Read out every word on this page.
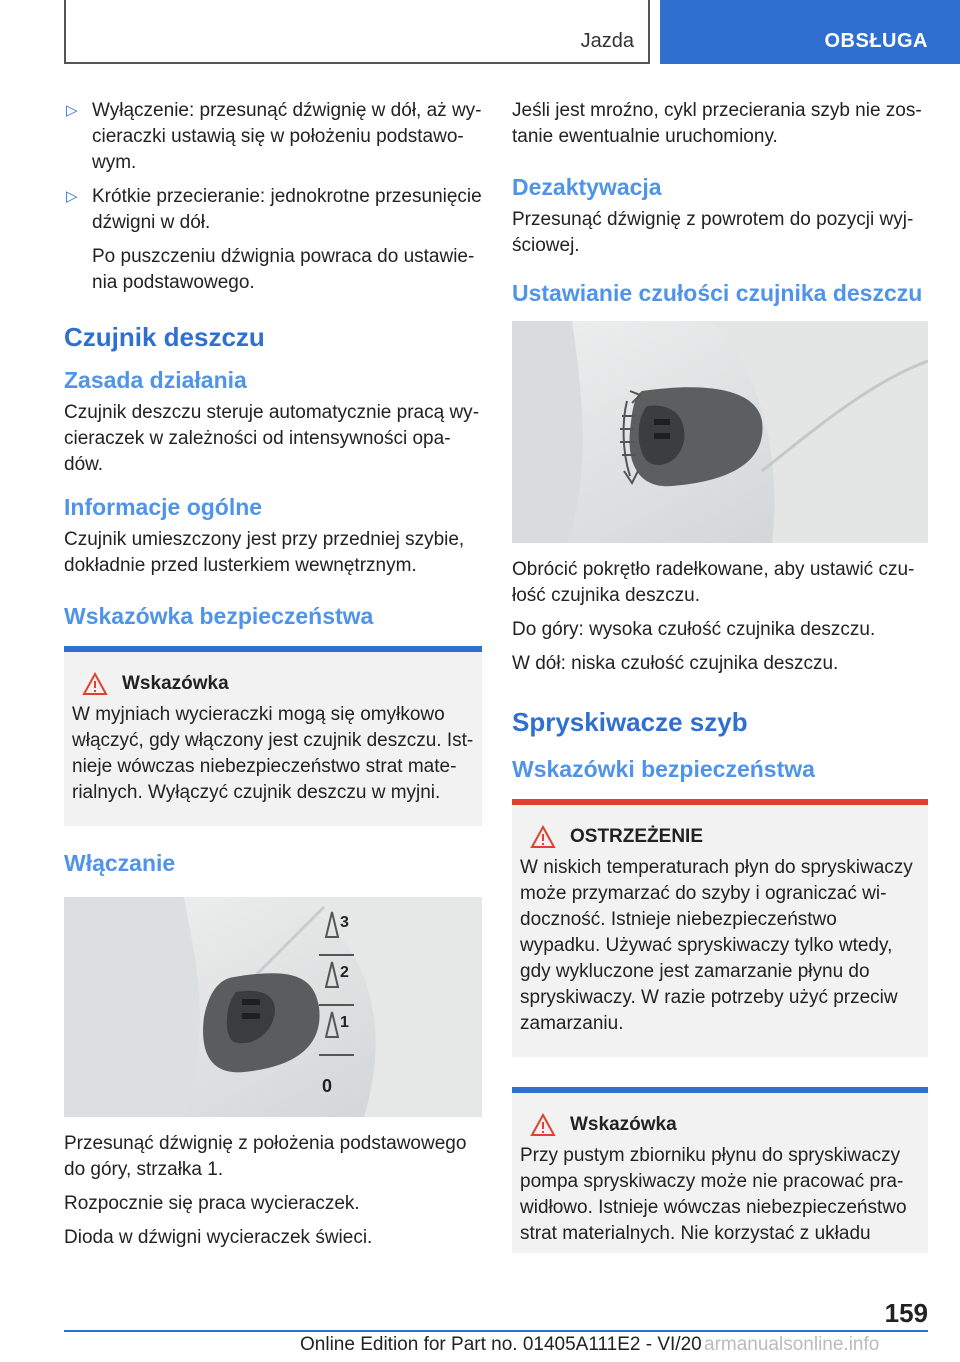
Jazda	OBSŁUGA
▷ Wyłączenie: przesunąć dźwignię w dół, aż wycieraczki ustawią się w położeniu podstawowym.
▷ Krótkie przecieranie: jednokrotne przesunięcie dźwigni w dół.

Po puszczeniu dźwignia powraca do ustawienia podstawowego.

Czujnik deszczu
Zasada działania

Czujnik deszczu steruje automatycznie pracą wycieraczek w zależności od intensywności opadów.

Informacje ogólne

Czujnik umieszczony jest przy przedniej szybie, dokładnie przed lusterkiem wewnętrznym.

Wskazówka bezpieczeństwa
Wskazówka

W myjniach wycieraczki mogą się omyłkowo włączyć, gdy włączony jest czujnik deszczu. Istnieje wówczas niebezpieczeństwo strat materialnych. Wyłączyć czujnik deszczu w myjni.

Włączanie
3
2
1
0

Przesunąć dźwignię z położenia podstawowego do góry, strzałka 1.

Rozpocznie się praca wycieraczek.

Dioda w dźwigni wycieraczek świeci.

Jeśli jest mroźno, cykl przecierania szyb nie zostanie ewentualnie uruchomiony.

Dezaktywacja

Przesunąć dźwignię z powrotem do pozycji wyjściowej.

Ustawianie czułości czujnika deszczu

Obrócić pokrętło radełkowane, aby ustawić czułość czujnika deszczu.

Do góry: wysoka czułość czujnika deszczu.

W dół: niska czułość czujnika deszczu.

Spryskiwacze szyb
Wskazówki bezpieczeństwa
OSTRZEŻENIE

W niskich temperaturach płyn do spryskiwaczy może przymarzać do szyby i ograniczać widoczność. Istnieje niebezpieczeństwo wypadku. Używać spryskiwaczy tylko wtedy, gdy wykluczone jest zamarzanie płynu do spryskiwaczy. W razie potrzeby użyć przeciw zamarzaniu.

Wskazówka

Przy pustym zbiorniku płynu do spryskiwaczy pompa spryskiwaczy może nie pracować prawidłowo. Istnieje wówczas niebezpieczeństwo strat materialnych. Nie korzystać z układu

159
Online Edition for Part no. 01405A111E2 - VI/20 armanualsonline.info
